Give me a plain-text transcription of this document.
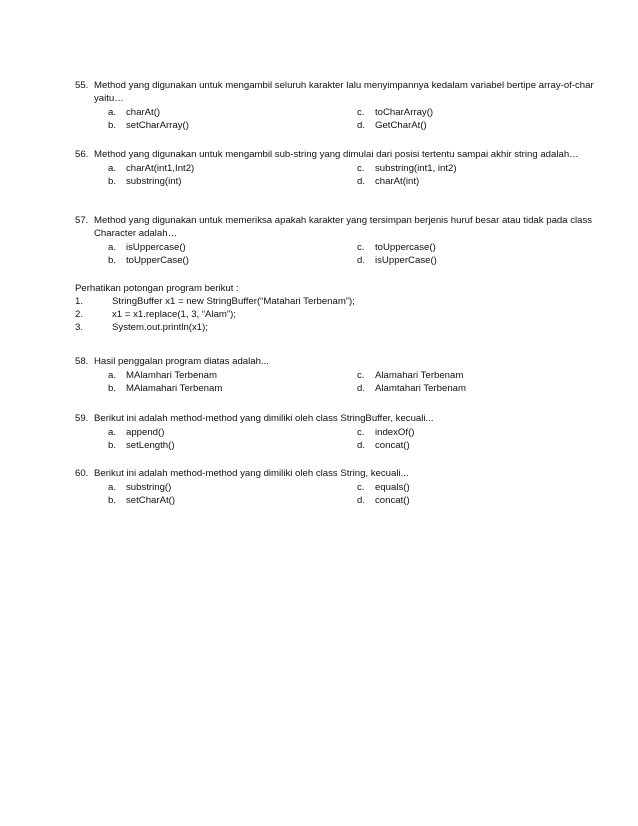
55. Method yang digunakan untuk mengambil seluruh karakter lalu menyimpannya kedalam variabel bertipe array-of-char yaitu…
a.	charAt()	c.	toCharArray()
b.	setCharArray()	d.	GetCharAt()
56. Method yang digunakan untuk mengambil sub-string yang dimulai dari posisi tertentu sampai akhir string adalah…
a.	charAt(int1,Int2)	c.	substring(int1, int2)
b.	substring(int)	d.	charAt(int)
57. Method yang digunakan untuk memeriksa apakah karakter yang tersimpan berjenis huruf besar atau tidak pada class Character adalah…
a.	isUppercase()	c.	toUppercase()
b.	toUpperCase()	d.	isUpperCase()
Perhatikan potongan program berikut :
1.	StringBuffer x1 = new StringBuffer(“Matahari Terbenam”);
2.	x1 = x1.replace(1, 3, “Alam”);
3.	System.out.println(x1);
58. Hasil penggalan program diatas adalah...
a.	MAlamhari Terbenam	c.	Alamahari Terbenam
b.	MAlamahari Terbenam	d.	Alamtahari Terbenam
59. Berikut ini adalah method-method yang dimiliki oleh class StringBuffer, kecuali...
a.	append()	c.	indexOf()
b.	setLength()	d.	concat()
60. Berikut ini adalah method-method yang dimiliki oleh class String, kecuali...
a.	substring()	c.	equals()
b.	setCharAt()	d.	concat()
